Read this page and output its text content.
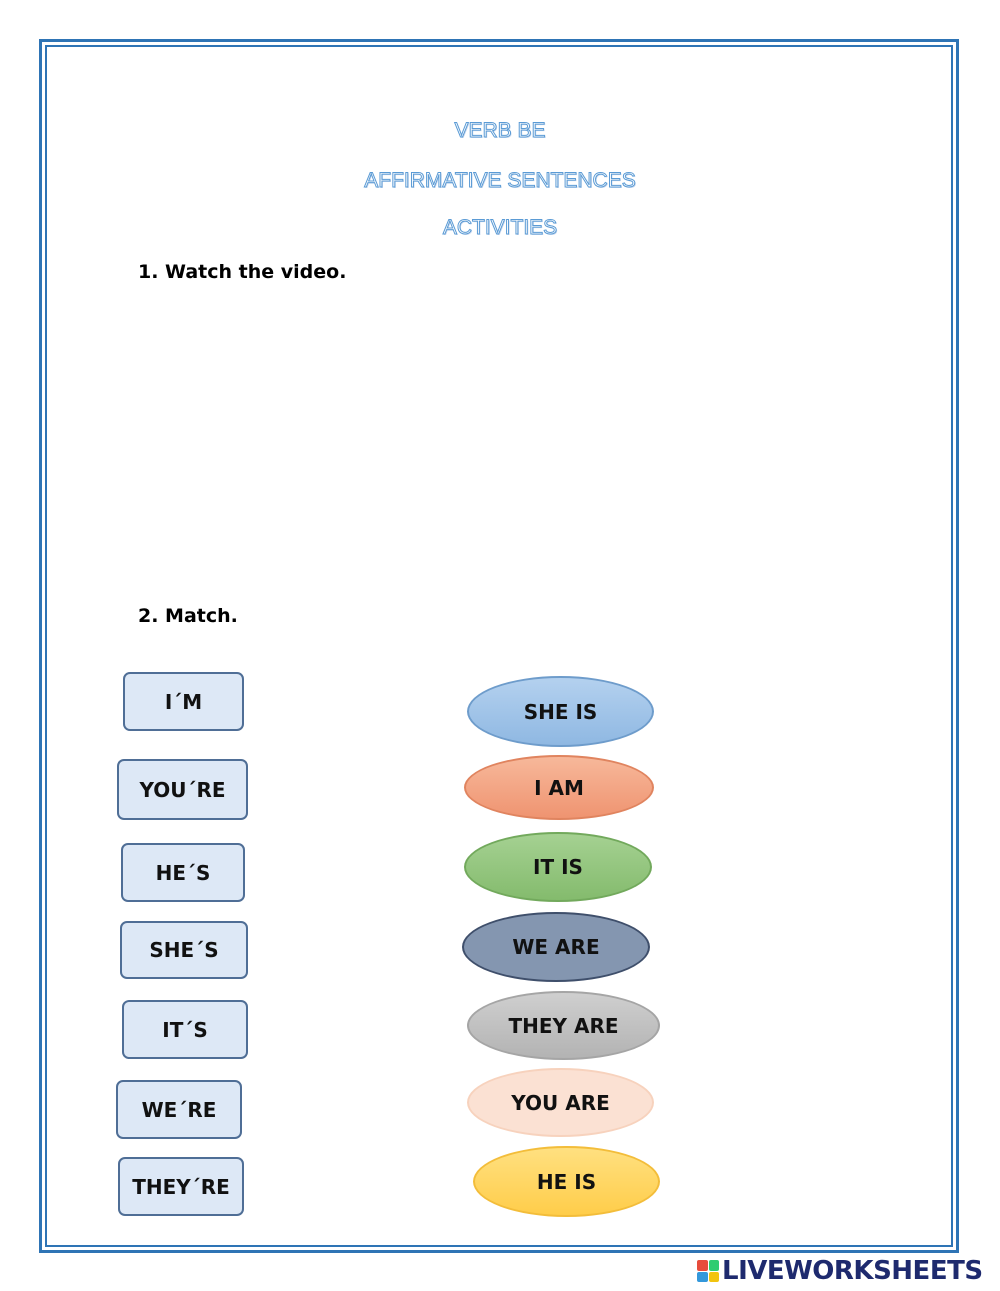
VERB BE
AFFIRMATIVE SENTENCES
ACTIVITIES
1. Watch the video.
2. Match.
I´M
YOU´RE
HE´S
SHE´S
IT´S
WE´RE
THEY´RE
SHE IS
I AM
IT IS
WE ARE
THEY ARE
YOU ARE
HE IS
LIVEWORKSHEETS
